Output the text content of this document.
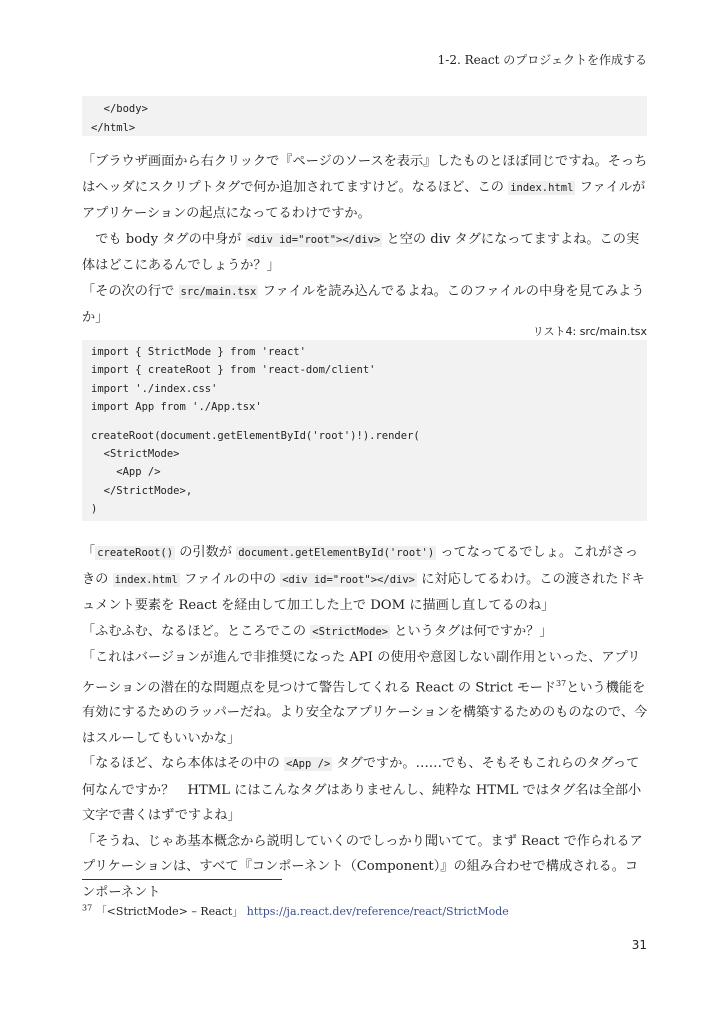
1-2. React のプロジェクトを作成する
</body>
</html>

「ブラウザ画面から右クリックで『ページのソースを表示』したものとほぼ同じですね。そっちはヘッダにスクリプトタグで何か追加されてますけど。なるほど、この index.html ファイルがアプリケーションの起点になってるわけですか。

でも body タグの中身が <div id="root"></div> と空の div タグになってますよね。この実体はどこにあるんでしょうか？」

「その次の行で src/main.tsx ファイルを読み込んでるよね。このファイルの中身を見てみようか」

リスト4: src/main.tsx
import { StrictMode } from 'react'
import { createRoot } from 'react-dom/client'
import './index.css'
import App from './App.tsx'
createRoot(document.getElementById('root')!).render(
<StrictMode>
<App />
</StrictMode>,
)

「 createRoot() の引数が document.getElementById('root') ってなってるでしょ。これがさっきの index.html ファイルの中の <div id="root"></div> に対応してるわけ。この渡されたドキュメント要素を React を経由して加工した上で DOM に描画し直してるのね」

「ふむふむ、なるほど。ところでこの <StrictMode> というタグは何ですか？」

「これはバージョンが進んで非推奨になった API の使用や意図しない副作用といった、アプリケーションの潜在的な問題点を見つけて警告してくれる React の Strict モード$^{37}$という機能を有効にするためのラッパーだね。より安全なアプリケーションを構築するためのものなので、今はスルーしてもいいかな」

「なるほど、なら本体はその中の <App /> タグですか。……でも、そもそもこれらのタグって何なんですか？　HTML にはこんなタグはありませんし、純粋な HTML ではタグ名は全部小文字で書くはずですよね」

「そうね、じゃあ基本概念から説明していくのでしっかり聞いてて。まず React で作られるアプリケーションは、すべて『コンポーネント（Component）』の組み合わせで構成される。コンポーネント

$^{37}$ 「<StrictMode> – React」 https://ja.react.dev/reference/react/StrictMode
31
